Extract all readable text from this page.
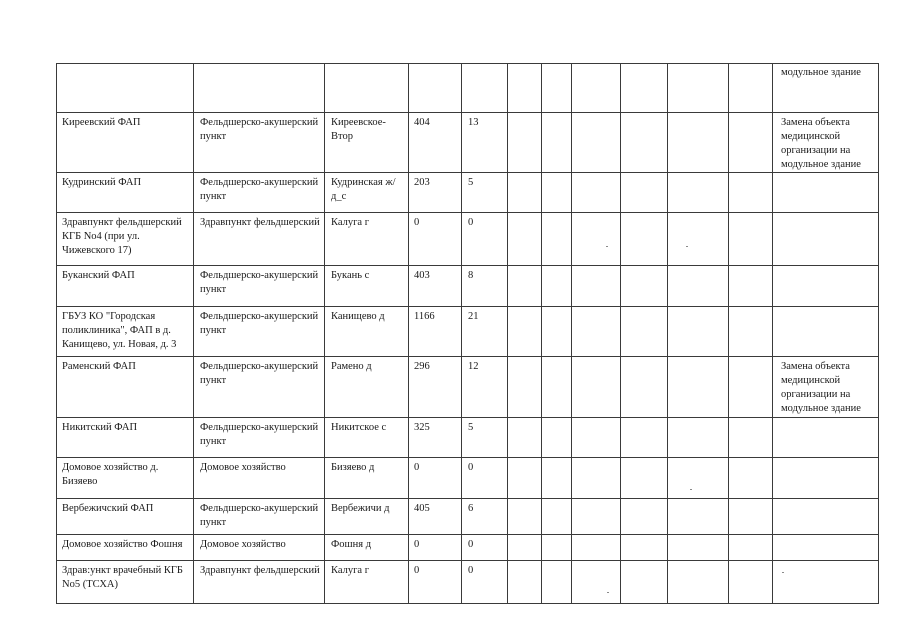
											модульное здание
Киреевский ФАП	Фельдшерско-акушерский пункт	Киреевское-Втор	404	13							Замена объекта медицинской организации на модульное здание
Кудринский ФАП	Фельдшерско-акушерский пункт	Кудринская ж/д_с	203	5							
Здравпункт фельдшерский КГБ No4 (при ул. Чижевского 17)	Здравпункт фельдшерский	Калуга г	0	0							
Буканский ФАП	Фельдшерско-акушерский пункт	Букань с	403	8							
ГБУЗ КО "Городская поликлиника", ФАП в д. Канищево, ул. Новая, д. 3	Фельдшерско-акушерский пункт	Канищево д	1166	21							
Раменский ФАП	Фельдшерско-акушерский пункт	Рамено д	296	12							Замена объекта медицинской организации на модульное здание
Никитский ФАП	Фельдшерско-акушерский пункт	Никитское с	325	5							
Домовое хозяйство д. Бизяево	Домовое хозяйство	Бизяево д	0	0							
Вербежичский ФАП	Фельдшерско-акушерский пункт	Вербежичи д	405	6							
Домовое хозяйство Фошня	Домовое хозяйство	Фошня д	0	0							
Здрав:ункт врачебный КГБ No5 (ТСХА)	Здравпункт фельдшерский	Калуга г	0	0							
